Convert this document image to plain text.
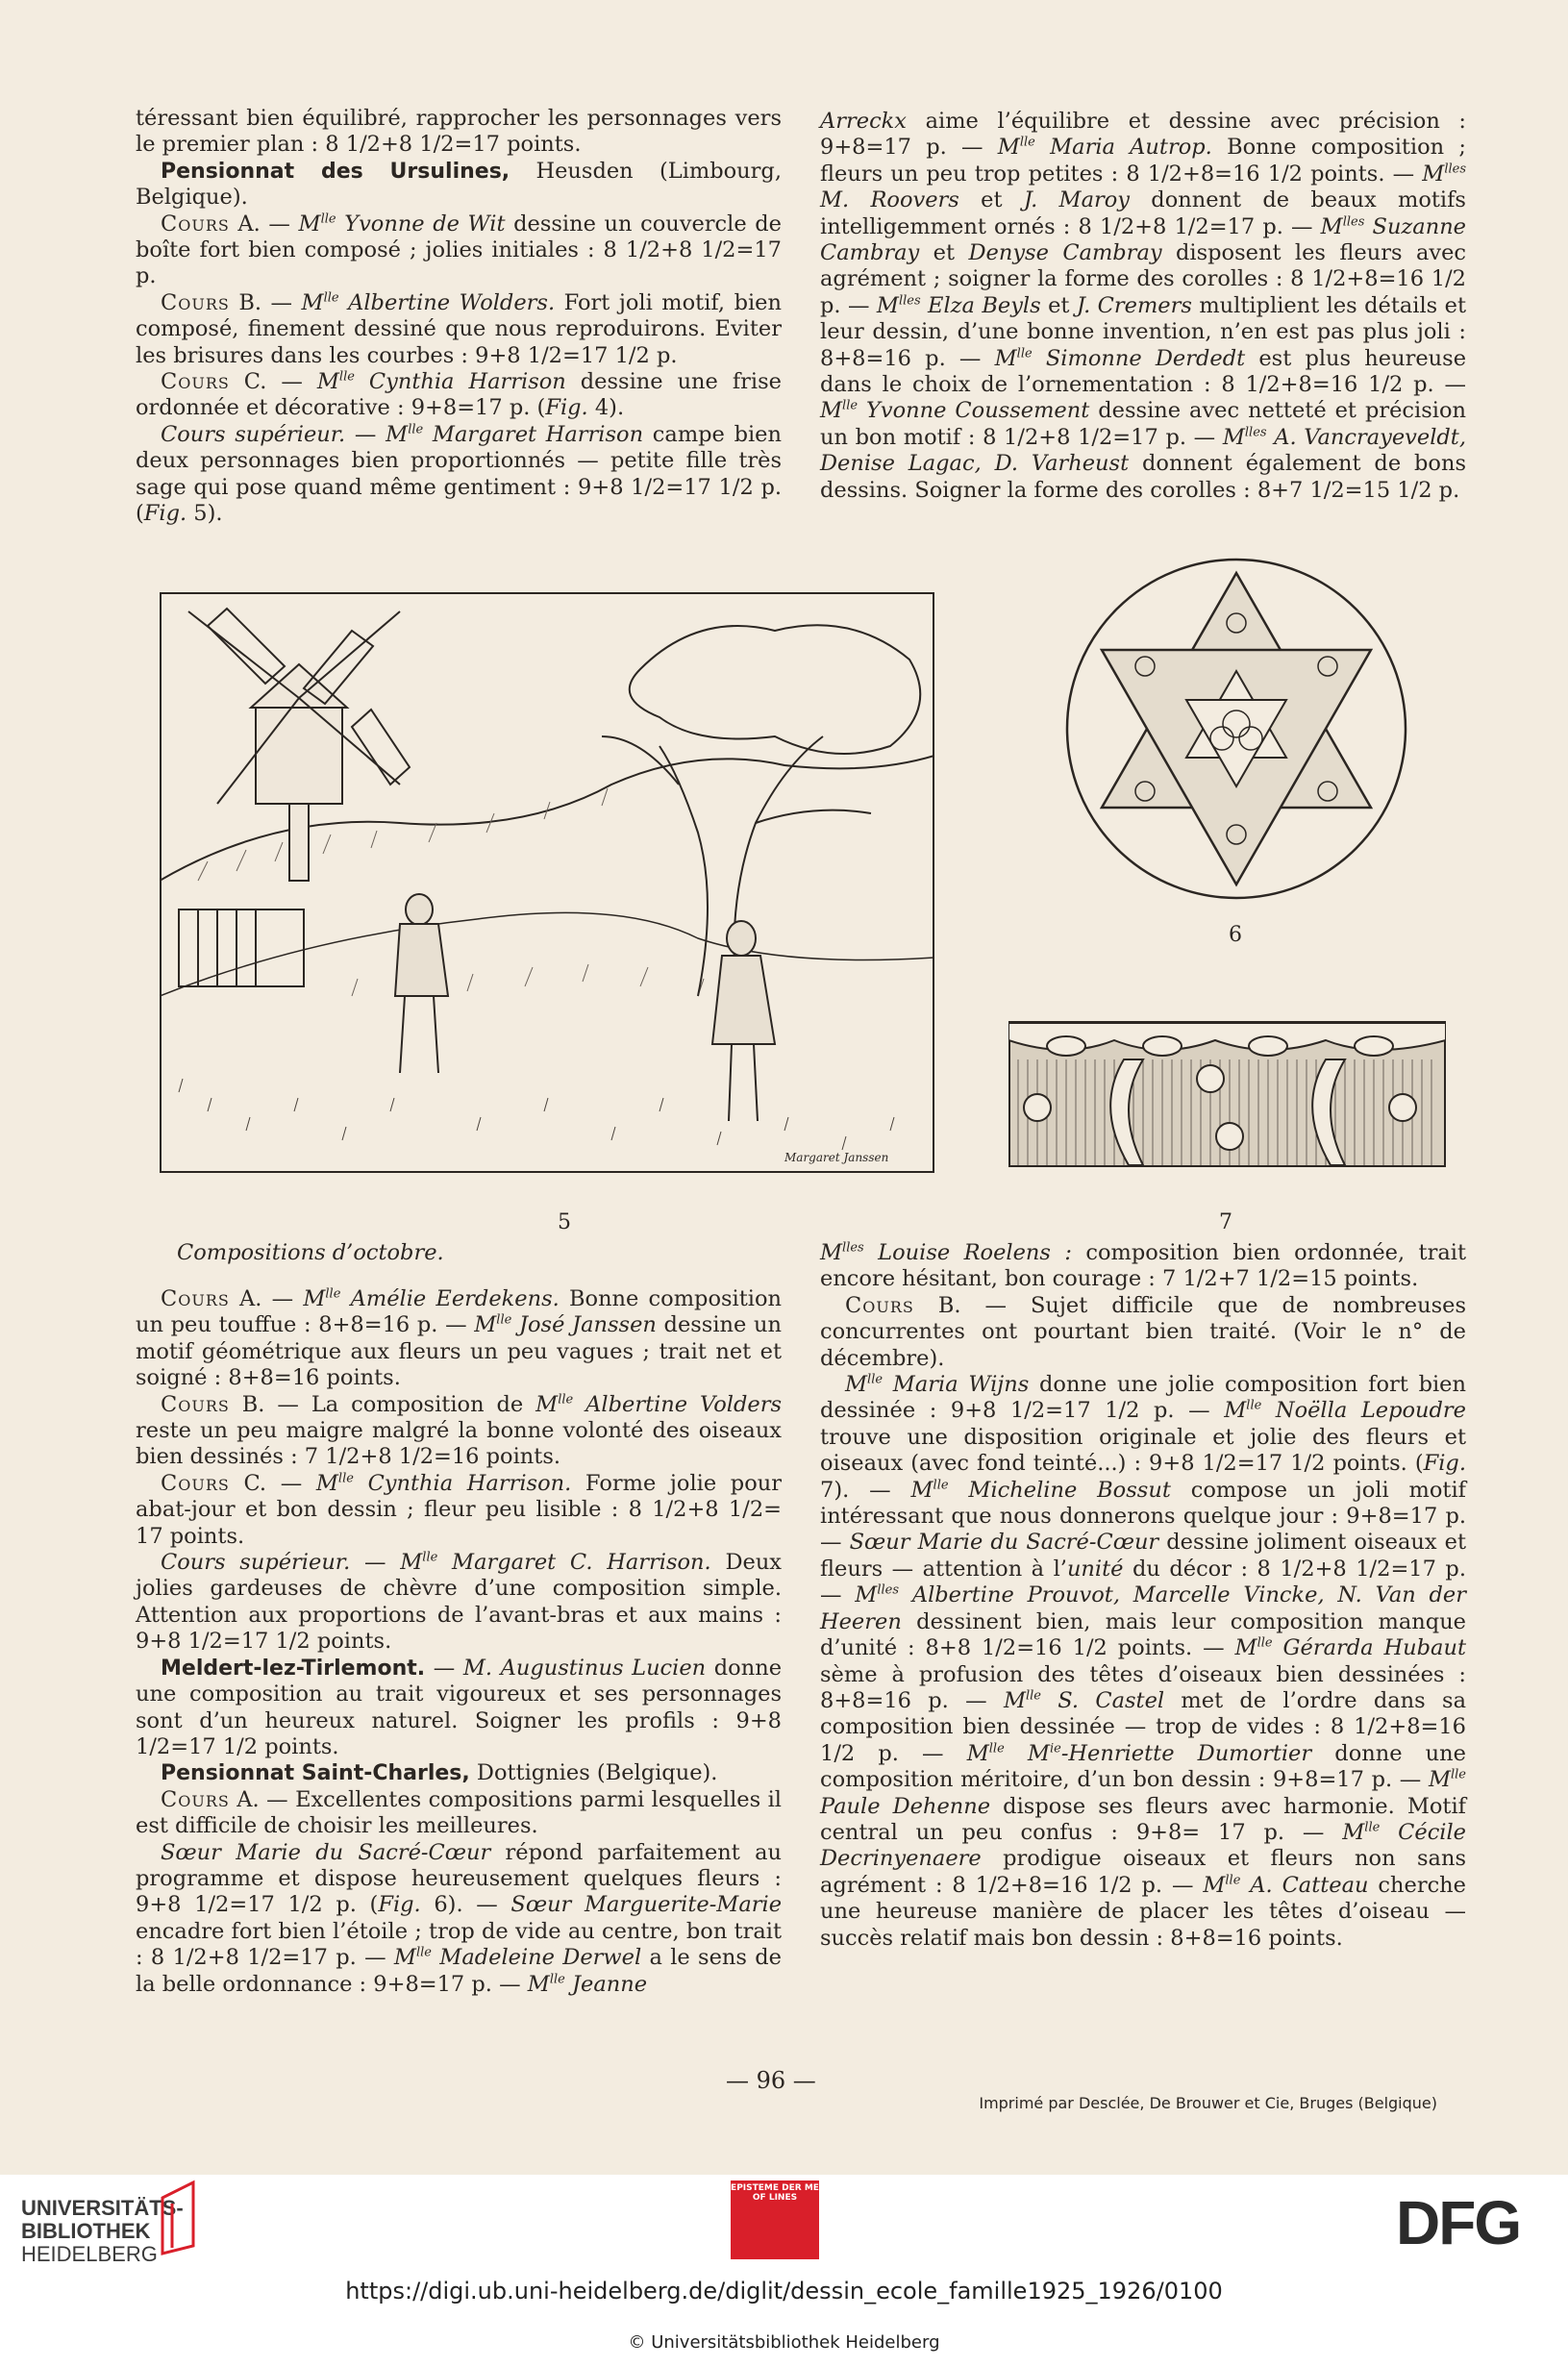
téressant bien équilibré, rapprocher les personnages vers le premier plan : 8 1/2+8 1/2=17 points.

Pensionnat des Ursulines, Heusden (Limbourg, Belgique).

Cours A. — $M^{lle}$ Yvonne de Wit dessine un couvercle de boîte fort bien composé ; jolies initiales : 8 1/2+8 1/2=17 p.

Cours B. — $M^{lle}$ Albertine Wolders. Fort joli motif, bien composé, finement dessiné que nous reproduirons. Eviter les brisures dans les courbes : 9+8 1/2=17 1/2 p.

Cours C. — $M^{lle}$ Cynthia Harrison dessine une frise ordonnée et décorative : 9+8=17 p. (Fig. 4).

Cours supérieur. — $M^{lle}$ Margaret Harrison campe bien deux personnages bien proportionnés — petite fille très sage qui pose quand même gentiment : 9+8 1/2=17 1/2 p. (Fig. 5).

Arreckx aime l’équilibre et dessine avec précision : 9+8=17 p. — $M^{lle}$ Maria Autrop. Bonne composition ; fleurs un peu trop petites : 8 1/2+8=16 1/2 points. — $M^{lles}$ M. Roovers et J. Maroy donnent de beaux motifs intelligemment ornés : 8 1/2+8 1/2=17 p. — $M^{lles}$ Suzanne Cambray et Denyse Cambray disposent les fleurs avec agrément ; soigner la forme des corolles : 8 1/2+8=16 1/2 p. — $M^{lles}$ Elza Beyls et J. Cremers multiplient les détails et leur dessin, d’une bonne invention, n’en est pas plus joli : 8+8=16 p. — $M^{lle}$ Simonne Derdedt est plus heureuse dans le choix de l’ornementation : 8 1/2+8=16 1/2 p. — $M^{lle}$ Yvonne Coussement dessine avec netteté et précision un bon motif : 8 1/2+8 1/2=17 p. — $M^{lles}$ A. Vancrayeveldt, Denise Lagac, D. Varheust donnent également de bons dessins. Soigner la forme des corolles : 8+7 1/2=15 1/2 p.

Margaret Janssen
5
6
7
Compositions d’octobre.

Cours A. — $M^{lle}$ Amélie Eerdekens. Bonne composition un peu touffue : 8+8=16 p. — $M^{lle}$ José Janssen dessine un motif géométrique aux fleurs un peu vagues ; trait net et soigné : 8+8=16 points.

Cours B. — La composition de $M^{lle}$ Albertine Volders reste un peu maigre malgré la bonne volonté des oiseaux bien dessinés : 7 1/2+8 1/2=16 points.

Cours C. — $M^{lle}$ Cynthia Harrison. Forme jolie pour abat-jour et bon dessin ; fleur peu lisible : 8 1/2+8 1/2= 17 points.

Cours supérieur. — $M^{lle}$ Margaret C. Harrison. Deux jolies gardeuses de chèvre d’une composition simple. Attention aux proportions de l’avant-bras et aux mains : 9+8 1/2=17 1/2 points.

Meldert-lez-Tirlemont. — M. Augustinus Lucien donne une composition au trait vigoureux et ses personnages sont d’un heureux naturel. Soigner les profils : 9+8 1/2=17 1/2 points.

Pensionnat Saint-Charles, Dottignies (Belgique).

Cours A. — Excellentes compositions parmi lesquelles il est difficile de choisir les meilleures.

Sœur Marie du Sacré-Cœur répond parfaitement au programme et dispose heureusement quelques fleurs : 9+8 1/2=17 1/2 p. (Fig. 6). — Sœur Marguerite-Marie encadre fort bien l’étoile ; trop de vide au centre, bon trait : 8 1/2+8 1/2=17 p. — $M^{lle}$ Madeleine Derwel a le sens de la belle ordonnance : 9+8=17 p. — $M^{lle}$ Jeanne

$M^{lles}$ Louise Roelens : composition bien ordonnée, trait encore hésitant, bon courage : 7 1/2+7 1/2=15 points.

Cours B. — Sujet difficile que de nombreuses concurrentes ont pourtant bien traité. (Voir le n° de décembre).

$M^{lle}$ Maria Wijns donne une jolie composition fort bien dessinée : 9+8 1/2=17 1/2 p. — $M^{lle}$ Noëlla Lepoudre trouve une disposition originale et jolie des fleurs et oiseaux (avec fond teinté...) : 9+8 1/2=17 1/2 points. (Fig. 7). — $M^{lle}$ Micheline Bossut compose un joli motif intéressant que nous donnerons quelque jour : 9+8=17 p. — Sœur Marie du Sacré-Cœur dessine joliment oiseaux et fleurs — attention à l’unité du décor : 8 1/2+8 1/2=17 p. — $M^{lles}$ Albertine Prouvot, Marcelle Vincke, N. Van der Heeren dessinent bien, mais leur composition manque d’unité : 8+8 1/2=16 1/2 points. — $M^{lle}$ Gérarda Hubaut sème à profusion des têtes d’oiseaux bien dessinées : 8+8=16 p. — $M^{lle}$ S. Castel met de l’ordre dans sa composition bien dessinée — trop de vides : 8 1/2+8=16 1/2 p. — $M^{lle}$ $M^{ie}$-Henriette Dumortier donne une composition méritoire, d’un bon dessin : 9+8=17 p. — $M^{lle}$ Paule Dehenne dispose ses fleurs avec harmonie. Motif central un peu confus : 9+8= 17 p. — $M^{lle}$ Cécile Decrinyenaere prodigue oiseaux et fleurs non sans agrément : 8 1/2+8=16 1/2 p. — $M^{lle}$ A. Catteau cherche une heureuse manière de placer les têtes d’oiseau — succès relatif mais bon dessin : 8+8=16 points.

— 96 —
Imprimé par Desclée, De Brouwer et Cie, Bruges (Belgique)
UNIVERSITÄTS-
BIBLIOTHEK
HEIDELBERG
EPISTEME DER ME OF LINES	DFG
https://digi.ub.uni-heidelberg.de/diglit/dessin_ecole_famille1925_1926/0100
© Universitätsbibliothek Heidelberg
